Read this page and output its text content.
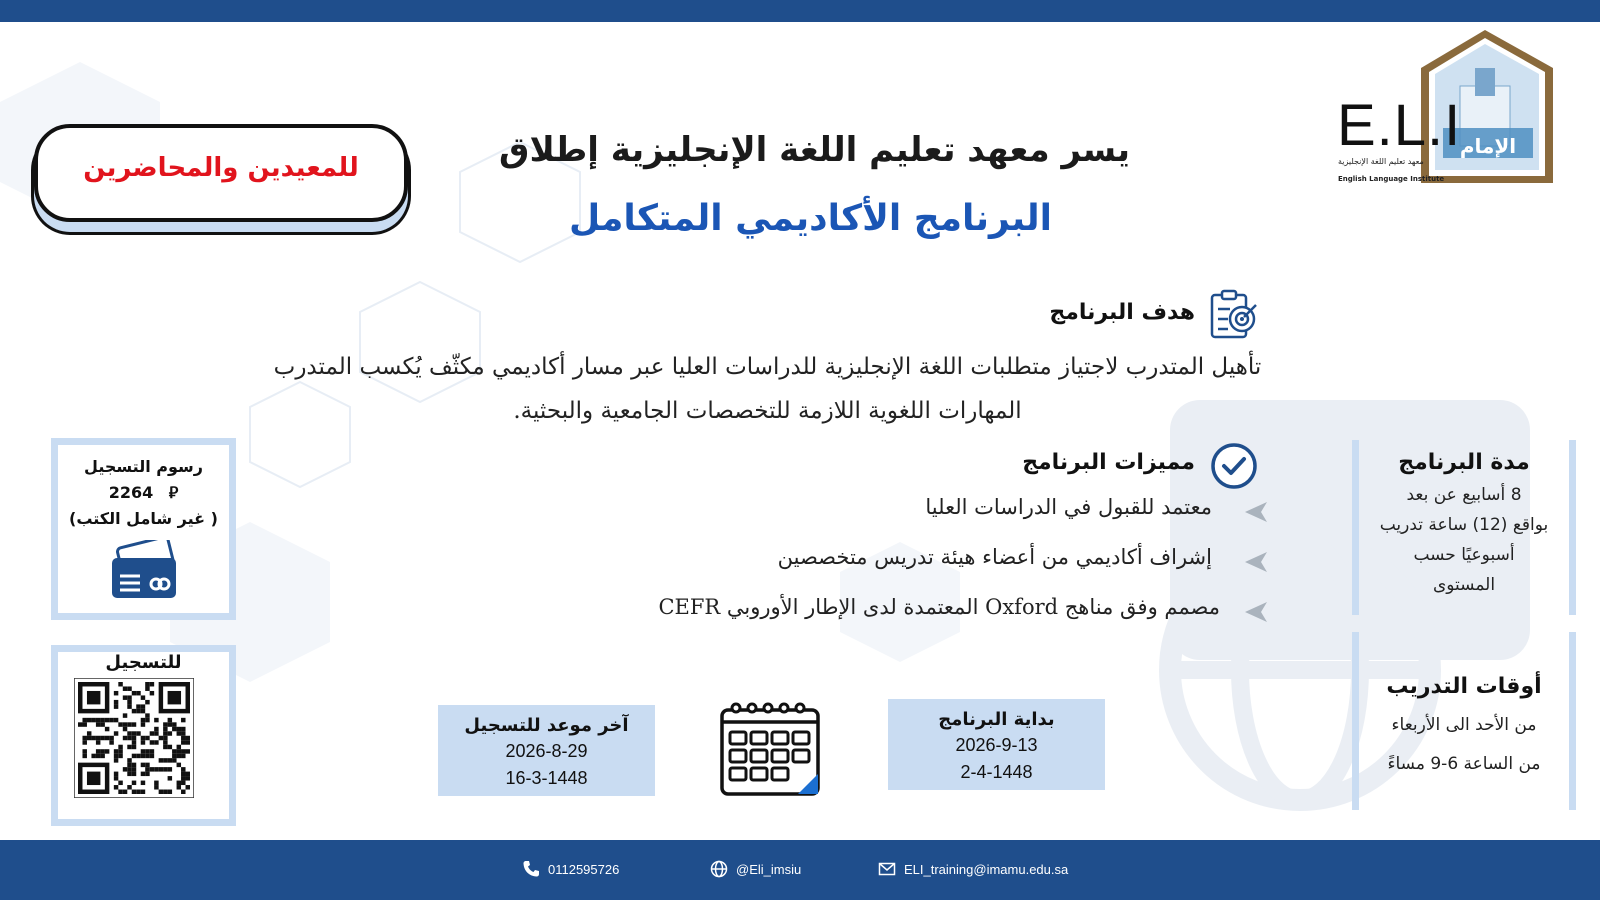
الإمام
E.L.I
معهد تعليم اللغة الإنجليزية
English Language Institute
يسر معهد تعليم اللغة الإنجليزية إطلاق
البرنامج الأكاديمي المتكامل
للمعيدين والمحاضرين
هدف البرنامج
تأهيل المتدرب لاجتياز متطلبات اللغة الإنجليزية للدراسات العليا عبر مسار أكاديمي مكثّف يُكسب المتدرب المهارات اللغوية اللازمة للتخصصات الجامعية والبحثية.
مميزات البرنامج
معتمد للقبول في الدراسات العليا
إشراف أكاديمي من أعضاء هيئة تدريس متخصصين
مصمم وفق مناهج Oxford المعتمدة لدى الإطار الأوروبي CEFR
رسوم التسجيل
2264 ⃁
( غير شامل الكتب)
للتسجيل
مدة البرنامج
8 أسابيع عن بعد
بواقع (12) ساعة تدريب
أسبوعيًا حسب
المستوى
أوقات التدريب
من الأحد الى الأربعاء
من الساعة 6-9 مساءً
آخر موعد للتسجيل
2026-8-29
16-3-1448
بداية البرنامج
2026-9-13
2-4-1448
0112595726	@Eli_imsiu	ELI_training@imamu.edu.sa
